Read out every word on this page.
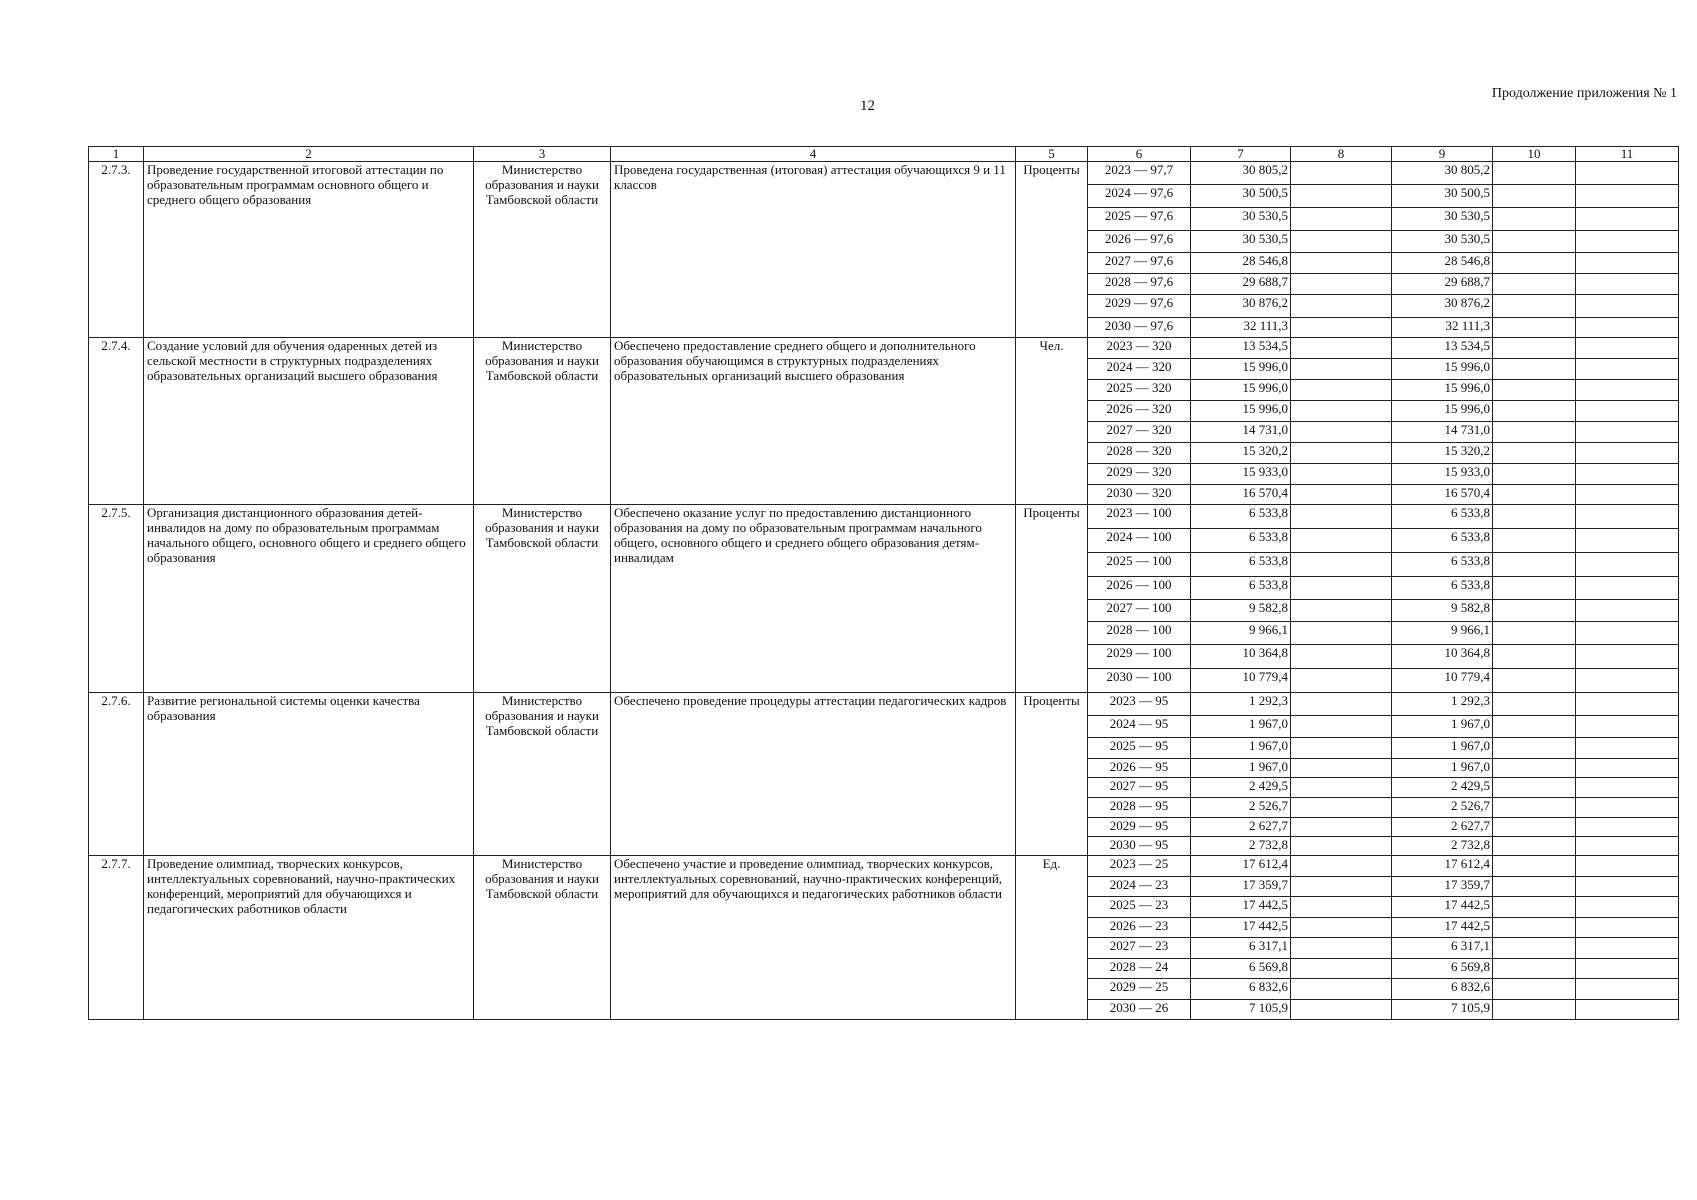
12
Продолжение приложения № 1
1	2	3	4	5	6	7	8	9	10	11
2.7.3.	Проведение государственной итоговой аттестации по образовательным программам основного общего и среднего общего образования	Министерство образования и науки Тамбовской области	Проведена государственная (итоговая) аттестация обучающихся 9 и 11 классов	Проценты	2023 — 97,7	30 805,2		30 805,2		
					2024 — 97,6	30 500,5		30 500,5		
					2025 — 97,6	30 530,5		30 530,5		
					2026 — 97,6	30 530,5		30 530,5		
					2027 — 97,6	28 546,8		28 546,8		
					2028 — 97,6	29 688,7		29 688,7		
					2029 — 97,6	30 876,2		30 876,2		
					2030 — 97,6	32 111,3		32 111,3		
2.7.4.	Создание условий для обучения одаренных детей из сельской местности в структурных подразделениях образовательных организаций высшего образования	Министерство образования и науки Тамбовской области	Обеспечено предоставление среднего общего и дополнительного образования обучающимся в структурных подразделениях образовательных организаций высшего образования	Чел.	2023 — 320	13 534,5		13 534,5		
					2024 — 320	15 996,0		15 996,0		
					2025 — 320	15 996,0		15 996,0		
					2026 — 320	15 996,0		15 996,0		
					2027 — 320	14 731,0		14 731,0		
					2028 — 320	15 320,2		15 320,2		
					2029 — 320	15 933,0		15 933,0		
					2030 — 320	16 570,4		16 570,4		
2.7.5.	Организация дистанционного образования детей-инвалидов на дому по образовательным программам начального общего, основного общего и среднего общего образования	Министерство образования и науки Тамбовской области	Обеспечено оказание услуг по предоставлению дистанционного образования на дому по образовательным программам начального общего, основного общего и среднего общего образования детям-инвалидам	Проценты	2023 — 100	6 533,8		6 533,8		
					2024 — 100	6 533,8		6 533,8		
					2025 — 100	6 533,8		6 533,8		
					2026 — 100	6 533,8		6 533,8		
					2027 — 100	9 582,8		9 582,8		
					2028 — 100	9 966,1		9 966,1		
					2029 — 100	10 364,8		10 364,8		
					2030 — 100	10 779,4		10 779,4		
2.7.6.	Развитие региональной системы оценки качества образования	Министерство образования и науки Тамбовской области	Обеспечено проведение процедуры аттестации педагогических кадров	Проценты	2023 — 95	1 292,3		1 292,3		
					2024 — 95	1 967,0		1 967,0		
					2025 — 95	1 967,0		1 967,0		
					2026 — 95	1 967,0		1 967,0		
					2027 — 95	2 429,5		2 429,5		
					2028 — 95	2 526,7		2 526,7		
					2029 — 95	2 627,7		2 627,7		
					2030 — 95	2 732,8		2 732,8		
2.7.7.	Проведение олимпиад, творческих конкурсов, интеллектуальных соревнований, научно-практических конференций, мероприятий для обучающихся и педагогических работников области	Министерство образования и науки Тамбовской области	Обеспечено участие и проведение олимпиад, творческих конкурсов, интеллектуальных соревнований, научно-практических конференций, мероприятий для обучающихся и педагогических работников области	Ед.	2023 — 25	17 612,4		17 612,4		
					2024 — 23	17 359,7		17 359,7		
					2025 — 23	17 442,5		17 442,5		
					2026 — 23	17 442,5		17 442,5		
					2027 — 23	6 317,1		6 317,1		
					2028 — 24	6 569,8		6 569,8		
					2029 — 25	6 832,6		6 832,6		
					2030 — 26	7 105,9		7 105,9		
